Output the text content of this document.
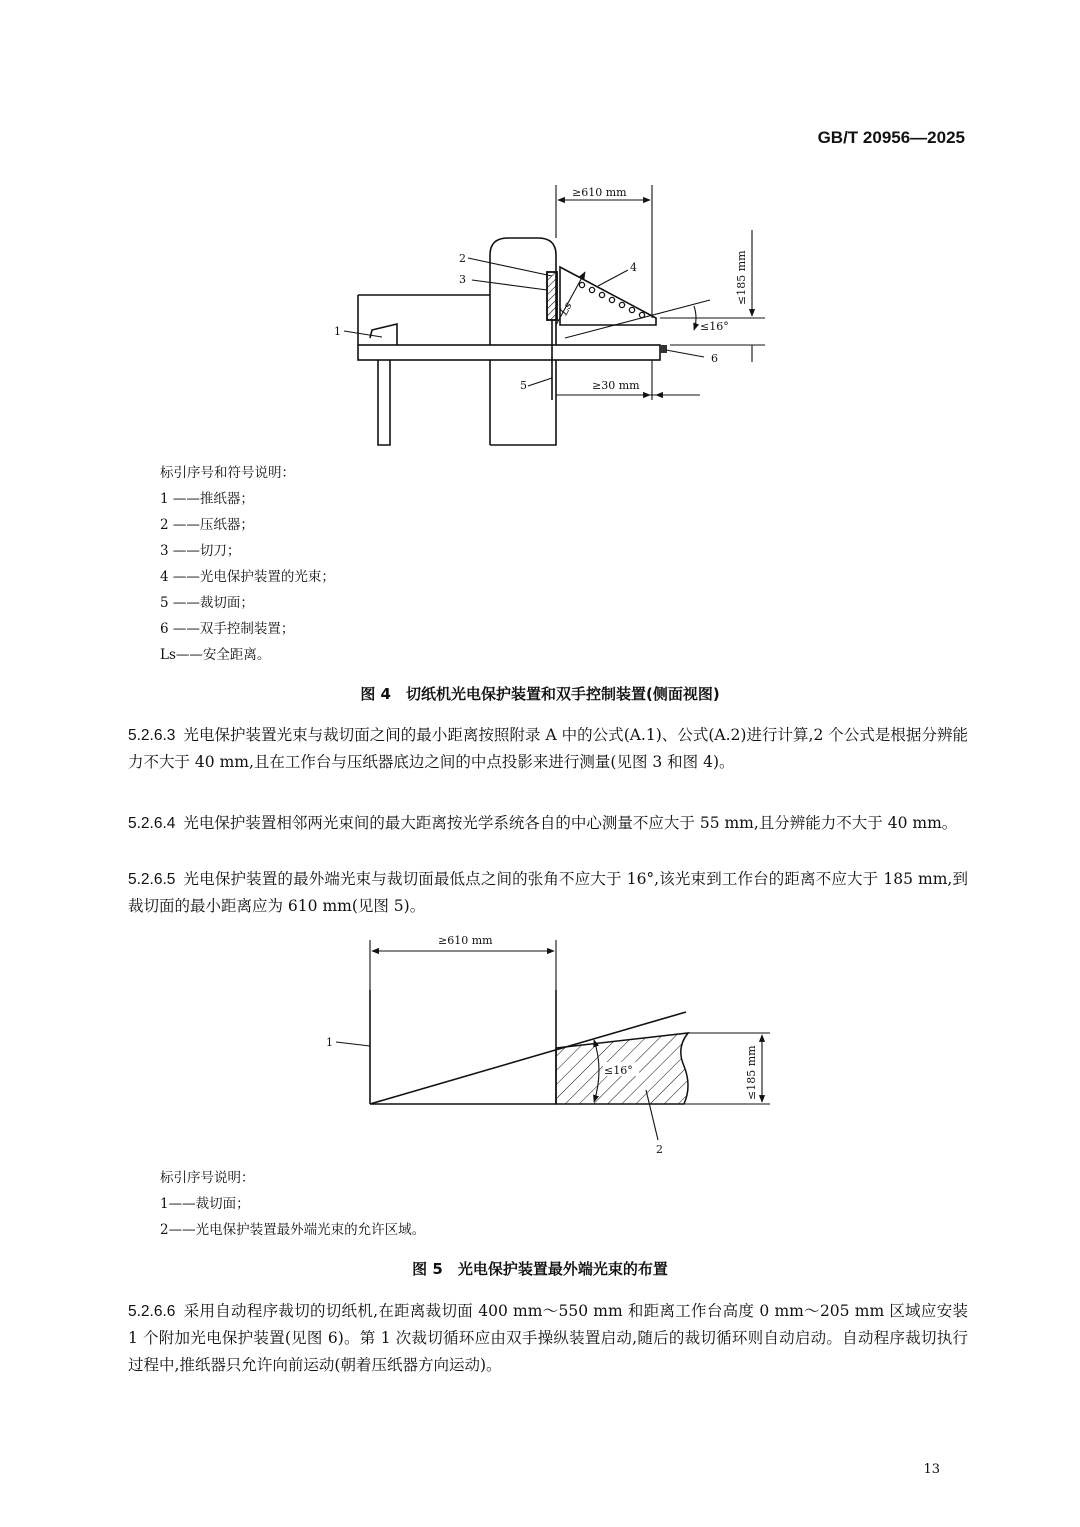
GB/T 20956—2025
≥610 mm
≤185 mm
≤16°
≥30 mm
Ls
1
2
3
4
5
6
标引序号和符号说明：
1 ——推纸器；
2 ——压纸器；
3 ——切刀；
4 ——光电保护装置的光束；
5 ——裁切面；
6 ——双手控制装置；
Ls——安全距离。
图 4　切纸机光电保护装置和双手控制装置(侧面视图)
5.2.6.3 光电保护装置光束与裁切面之间的最小距离按照附录 A 中的公式(A.1)、公式(A.2)进行计算,2 个公式是根据分辨能力不大于 40 mm,且在工作台与压纸器底边之间的中点投影来进行测量(见图 3 和图 4)。
5.2.6.4 光电保护装置相邻两光束间的最大距离按光学系统各自的中心测量不应大于 55 mm,且分辨能力不大于 40 mm。
5.2.6.5 光电保护装置的最外端光束与裁切面最低点之间的张角不应大于 16°,该光束到工作台的距离不应大于 185 mm,到裁切面的最小距离应为 610 mm(见图 5)。
≥610 mm
≤16°	≤185 mm
1
2
标引序号说明：
1——裁切面；
2——光电保护装置最外端光束的允许区域。
图 5　光电保护装置最外端光束的布置
5.2.6.6 采用自动程序裁切的切纸机,在距离裁切面 400 mm～550 mm 和距离工作台高度 0 mm～205 mm 区域应安装 1 个附加光电保护装置(见图 6)。第 1 次裁切循环应由双手操纵装置启动,随后的裁切循环则自动启动。自动程序裁切执行过程中,推纸器只允许向前运动(朝着压纸器方向运动)。
13
